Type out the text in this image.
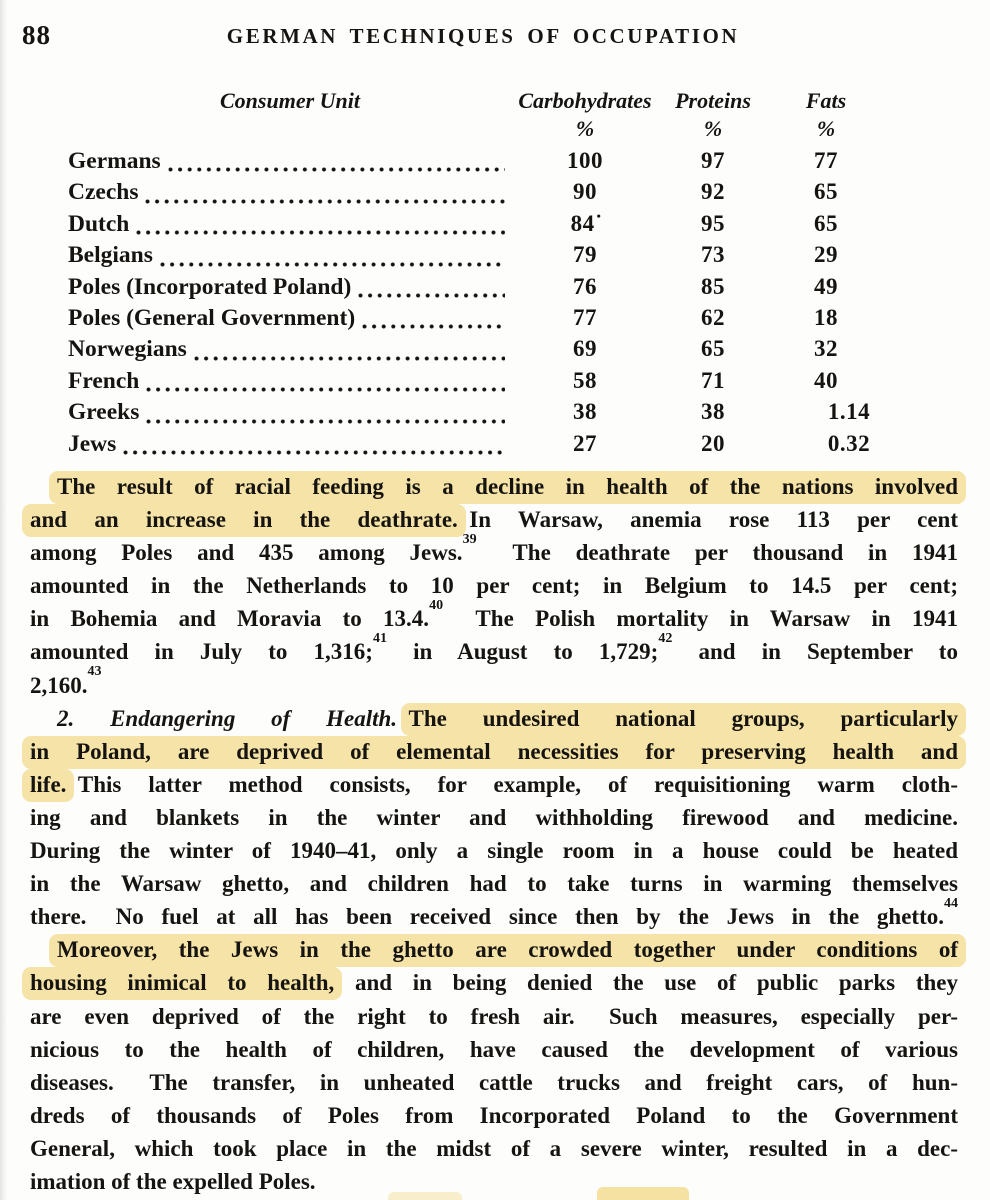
88	GERMAN TECHNIQUES OF OCCUPATION
Consumer Unit	Carbohydrates	Proteins	Fats
%	%	%
Germans	100	97	77
Czechs	90	92	65
Dutch	84 •	95	65
Belgians	79	73	29
Poles (Incorporated Poland)	76	85	49
Poles (General Government)	77	62	18
Norwegians	69	65	32
French	58	71	40
Greeks	38	38	1.14
Jews	27	20	0.32
The result of racial feeding is a decline in health of the nations involved
and an increase in the deathrate. In Warsaw, anemia rose 113 per cent
among Poles and 435 among Jews.$^{39}$  The deathrate per thousand in 1941
amounted in the Netherlands to 10 per cent; in Belgium to 14.5 per cent;
in Bohemia and Moravia to 13.4.40  The Polish mortality in Warsaw in 1941
amounted in July to 1,316;$^{41}$ in August to 1,729;$^{42}$ and in September to
2,160.43
2. Endangering of Health.  The undesired national groups, particularly
in Poland, are deprived of elemental necessities for preserving health and
life. This latter method consists, for example, of requisitioning warm cloth-
ing and blankets in the winter and withholding firewood and medicine.
During the winter of 1940–41, only a single room in a house could be heated
in the Warsaw ghetto, and children had to take turns in warming themselves
there.  No fuel at all has been received since then by the Jews in the ghetto.$^{44}$
Moreover, the Jews in the ghetto are crowded together under conditions of
housing inimical to health, and in being denied the use of public parks they
are even deprived of the right to fresh air.  Such measures, especially per-
nicious to the health of children, have caused the development of various
diseases.  The transfer, in unheated cattle trucks and freight cars, of hun-
dreds of thousands of Poles from Incorporated Poland to the Government
General, which took place in the midst of a severe winter, resulted in a dec-
imation of the expelled Poles.
